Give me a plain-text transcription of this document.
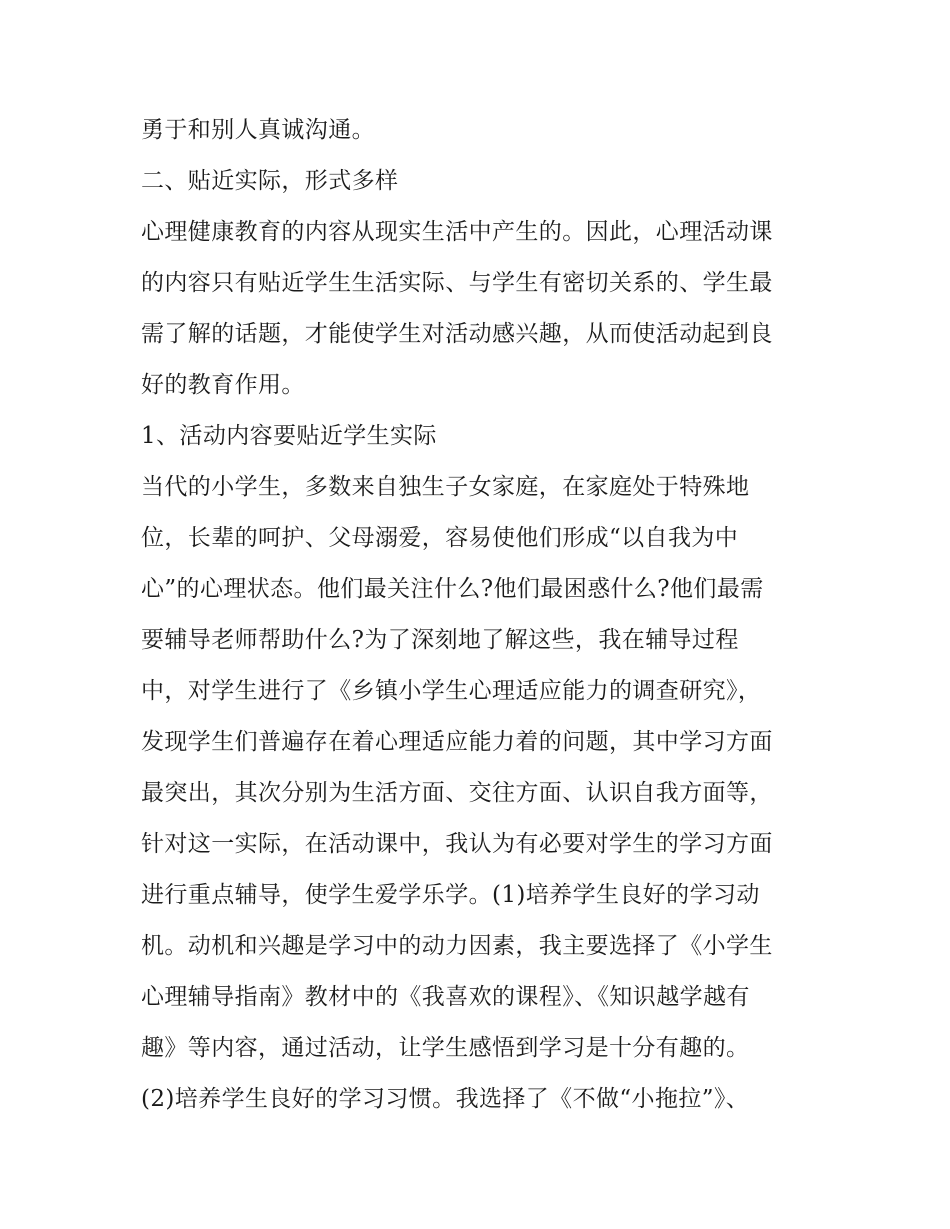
勇于和别人真诚沟通。
二、贴近实际，形式多样
心理健康教育的内容从现实生活中产生的。因此，心理活动课
的内容只有贴近学生生活实际、与学生有密切关系的、学生最
需了解的话题，才能使学生对活动感兴趣，从而使活动起到良
好的教育作用。
1、活动内容要贴近学生实际
当代的小学生，多数来自独生子女家庭，在家庭处于特殊地
位，长辈的呵护、父母溺爱，容易使他们形成“以自我为中
心”的心理状态。他们最关注什么?他们最困惑什么?他们最需
要辅导老师帮助什么?为了深刻地了解这些，我在辅导过程
中，对学生进行了《乡镇小学生心理适应能力的调查研究》，
发现学生们普遍存在着心理适应能力着的问题，其中学习方面
最突出，其次分别为生活方面、交往方面、认识自我方面等，
针对这一实际，在活动课中，我认为有必要对学生的学习方面
进行重点辅导，使学生爱学乐学。(1)培养学生良好的学习动
机。动机和兴趣是学习中的动力因素，我主要选择了《小学生
心理辅导指南》教材中的《我喜欢的课程》、《知识越学越有
趣》等内容，通过活动，让学生感悟到学习是十分有趣的。
(2)培养学生良好的学习习惯。我选择了《不做“小拖拉”》、
